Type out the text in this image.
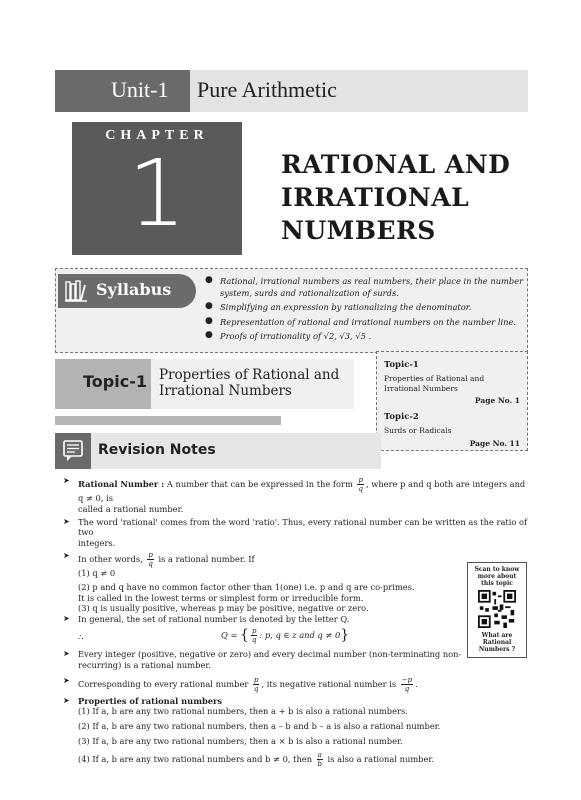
Unit-1 Pure Arithmetic
CHAPTER
1	RATIONAL AND
IRRATIONAL
NUMBERS
Syllabus
●	Rational, irrational numbers as real numbers, their place in the number system, surds and rationalization of surds.
● Simplifying an expression by rationalizing the denominator.
● Representation of rational and irrational numbers on the number line.
● Proofs of irrationality of √2, √3, √5 .
Topic-1 Properties of Rational and
Irrational Numbers
Topic-1
Properties of Rational and
Irrational Numbers
Page No. 1
Topic-2
Surds or Radicals
Page No. 11
Revision Notes
➤ Rational Number : A number that can be expressed in the form $\frac{p}{q}$ , where p and q both are integers and q ≠ 0, is
called a rational number.
➤ The word 'rational' comes from the word 'ratio'. Thus, every rational number can be written as the ratio of two
integers.
➤ In other words, $\frac{p}{q}$ is a rational number. If
(1) q ≠ 0
(2) p and q have no common factor other than 1(one) i.e. p and q are co-primes.
It is called in the lowest terms or simplest form or irreducible form.
(3) q is usually positive, whereas p may be positive, negative or zero.
➤ In general, the set of rational number is denoted by the letter Q.
∴	Q = { $\frac{p}{q}$ : p, q ∈ z and q ≠ 0}
➤ Every integer (positive, negative or zero) and every decimal number (non-terminating non-
recurring) is a rational number.
➤ Corresponding to every rational number $\frac{p}{q}$ , its negative rational number is $\frac{-p}{q}$ .
➤ Properties of rational numbers
(1) If a, b are any two rational numbers, then a + b is also a rational numbers.
(2) If a, b are any two rational numbers, then a – b and b – a is also a rational number.
(3) If a, b are any two rational numbers, then a × b is also a rational number.
(4) If a, b are any two rational numbers and b ≠ 0, then $\frac{a}{b}$ is also a rational number.
Scan to know more about this topic
What are Rational Numbers ?
